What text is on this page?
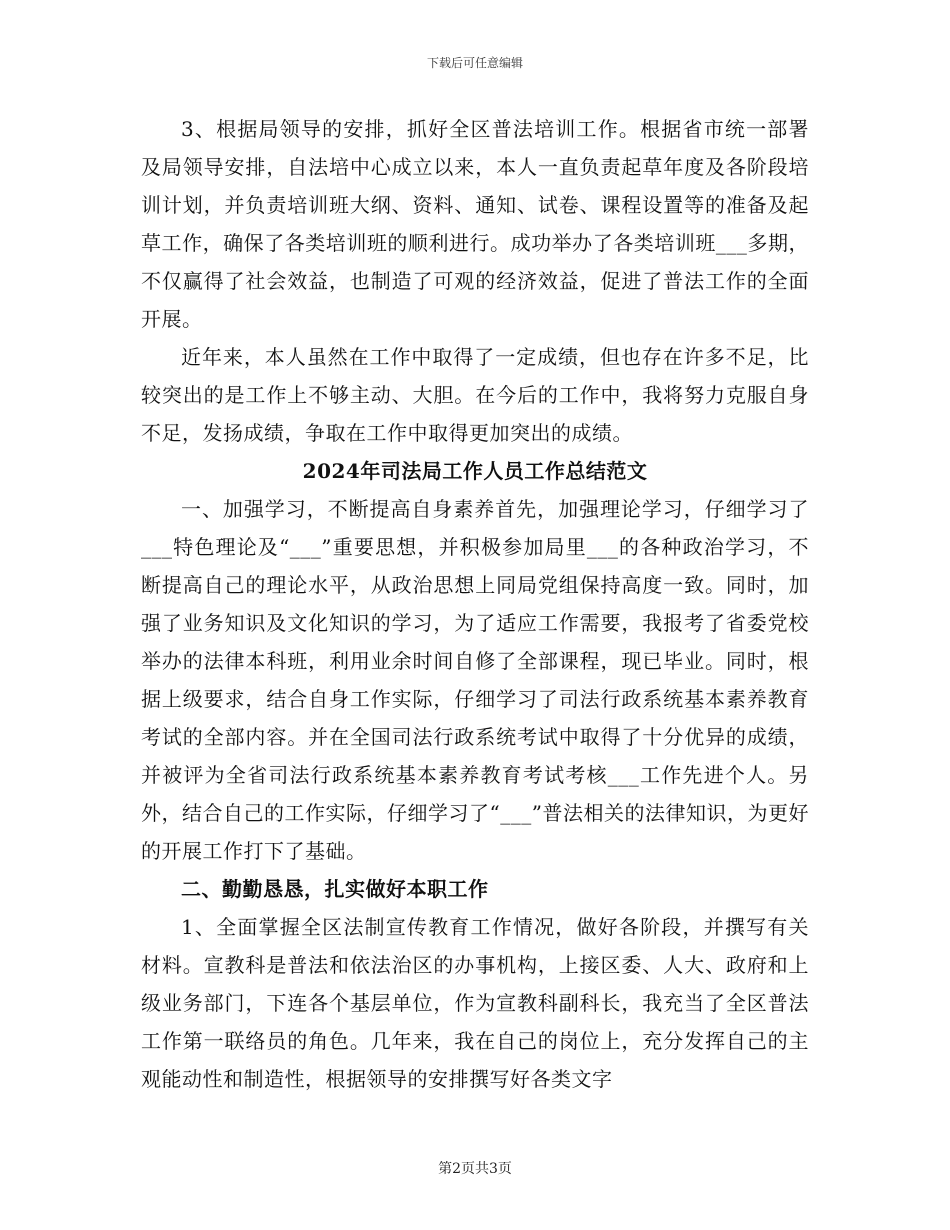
下载后可任意编辑

3、根据局领导的安排，抓好全区普法培训工作。根据省市统一部署及局领导安排，自法培中心成立以来，本人一直负责起草年度及各阶段培训计划，并负责培训班大纲、资料、通知、试卷、课程设置等的准备及起草工作，确保了各类培训班的顺利进行。成功举办了各类培训班___多期，不仅赢得了社会效益，也制造了可观的经济效益，促进了普法工作的全面开展。

近年来，本人虽然在工作中取得了一定成绩，但也存在许多不足，比较突出的是工作上不够主动、大胆。在今后的工作中，我将努力克服自身不足，发扬成绩，争取在工作中取得更加突出的成绩。

2024年司法局工作人员工作总结范文

一、加强学习，不断提高自身素养首先，加强理论学习，仔细学习了___特色理论及“___”重要思想，并积极参加局里___的各种政治学习，不断提高自己的理论水平，从政治思想上同局党组保持高度一致。同时，加强了业务知识及文化知识的学习，为了适应工作需要，我报考了省委党校举办的法律本科班，利用业余时间自修了全部课程，现已毕业。同时，根据上级要求，结合自身工作实际，仔细学习了司法行政系统基本素养教育考试的全部内容。并在全国司法行政系统考试中取得了十分优异的成绩，并被评为全省司法行政系统基本素养教育考试考核___工作先进个人。另外，结合自己的工作实际，仔细学习了“___”普法相关的法律知识，为更好的开展工作打下了基础。

二、勤勤恳恳，扎实做好本职工作

1、全面掌握全区法制宣传教育工作情况，做好各阶段，并撰写有关材料。宣教科是普法和依法治区的办事机构，上接区委、人大、政府和上级业务部门，下连各个基层单位，作为宣教科副科长，我充当了全区普法工作第一联络员的角色。几年来，我在自己的岗位上，充分发挥自己的主观能动性和制造性，根据领导的安排撰写好各类文字

第2页共3页
